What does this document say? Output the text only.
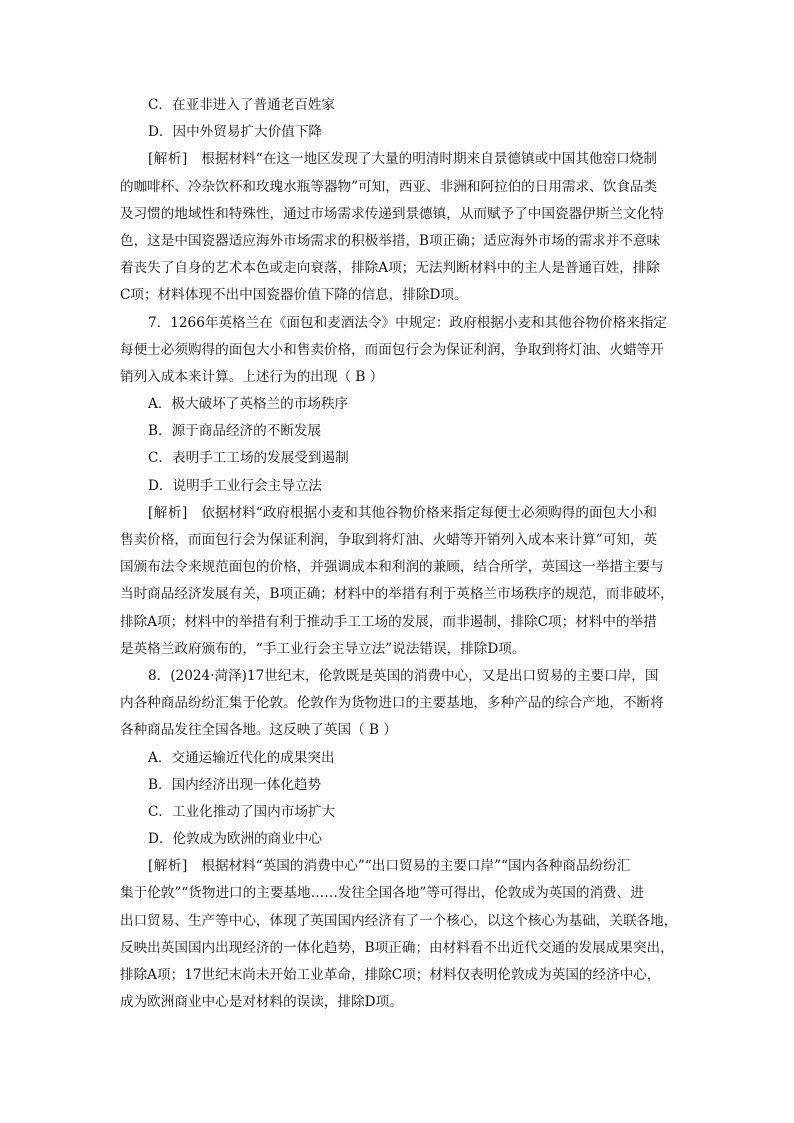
C．在亚非进入了普通老百姓家
D．因中外贸易扩大价值下降
[解析]　 根据材料“在这一地区发现了大量的明清时期来自景德镇或中国其他窑口烧制
的咖啡杯、冷杂饮杯和玫瑰水瓶等器物”可知，西亚、非洲和阿拉伯的日用需求、饮食品类
及习惯的地域性和特殊性，通过市场需求传递到景德镇，从而赋予了中国瓷器伊斯兰文化特
色，这是中国瓷器适应海外市场需求的积极举措，B项正确；适应海外市场的需求并不意味
着丧失了自身的艺术本色或走向衰落，排除A项；无法判断材料中的主人是普通百姓，排除
C项；材料体现不出中国瓷器价值下降的信息，排除D项。
7．1266年英格兰在《面包和麦酒法令》中规定：政府根据小麦和其他谷物价格来指定
每便士必须购得的面包大小和售卖价格，而面包行会为保证利润，争取到将灯油、火蜡等开
销列入成本来计算。上述行为的出现（ B ）
A．极大破坏了英格兰的市场秩序
B．源于商品经济的不断发展
C．表明手工工场的发展受到遏制
D．说明手工业行会主导立法
[解析]　 依据材料“政府根据小麦和其他谷物价格来指定每便士必须购得的面包大小和
售卖价格，而面包行会为保证利润，争取到将灯油、火蜡等开销列入成本来计算”可知，英
国颁布法令来规范面包的价格，并强调成本和利润的兼顾，结合所学，英国这一举措主要与
当时商品经济发展有关，B项正确；材料中的举措有利于英格兰市场秩序的规范，而非破坏，
排除A项；材料中的举措有利于推动手工工场的发展，而非遏制，排除C项；材料中的举措
是英格兰政府颁布的，“手工业行会主导立法”说法错误，排除D项。
8．(2024·菏泽)17世纪末，伦敦既是英国的消费中心，又是出口贸易的主要口岸，国
内各种商品纷纷汇集于伦敦。伦敦作为货物进口的主要基地，多种产品的综合产地，不断将
各种商品发往全国各地。这反映了英国（ B ）
A．交通运输近代化的成果突出
B．国内经济出现一体化趋势
C．工业化推动了国内市场扩大
D．伦敦成为欧洲的商业中心
[解析]　 根据材料“英国的消费中心”“出口贸易的主要口岸”“国内各种商品纷纷汇
集于伦敦”“货物进口的主要基地……发往全国各地”等可得出，伦敦成为英国的消费、进
出口贸易、生产等中心，体现了英国国内经济有了一个核心，以这个核心为基础，关联各地，
反映出英国国内出现经济的一体化趋势，B项正确；由材料看不出近代交通的发展成果突出，
排除A项；17世纪末尚未开始工业革命，排除C项；材料仅表明伦敦成为英国的经济中心，
成为欧洲商业中心是对材料的误读，排除D项。
